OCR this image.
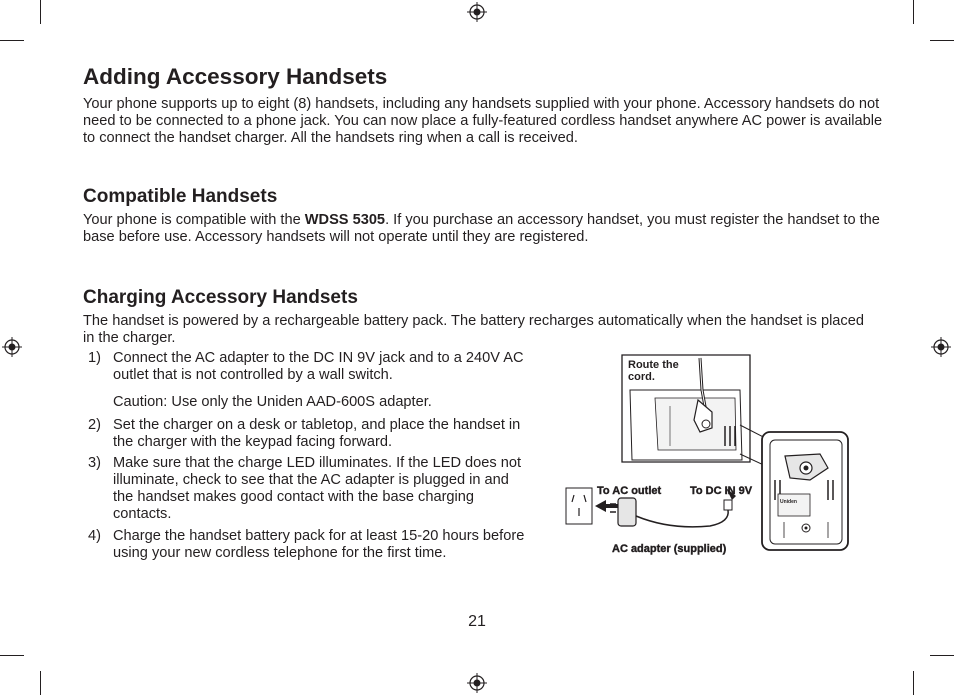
Adding Accessory Handsets

Your phone supports up to eight (8) handsets, including any handsets supplied with your phone. Accessory handsets do not need to be connected to a phone jack. You can now place a fully-featured cordless handset anywhere AC power is available to connect the handset charger. All the handsets ring when a call is received.

Compatible Handsets

Your phone is compatible with the WDSS 5305. If you purchase an accessory handset, you must register the handset to the base before use. Accessory handsets will not operate until they are registered.

Charging Accessory Handsets

The handset is powered by a rechargeable battery pack. The battery recharges automatically when the handset is placed in the charger.

1) Connect the AC adapter to the DC IN 9V jack and to a 240V AC outlet that is not controlled by a wall switch.
Caution: Use only the Uniden AAD-600S adapter.
2) Set the charger on a desk or tabletop, and place the handset in the charger with the keypad facing forward.
3) Make sure that the charge LED illuminates. If the LED does not illuminate, check to see that the AC adapter is plugged in and the handset makes good contact with the base charging contacts.
4) Charge the handset battery pack for at least 15-20 hours before using your new cordless telephone for the first time.
Uniden
Route the cord.
To AC outlet	To DC IN 9V
AC adapter (supplied)
21
